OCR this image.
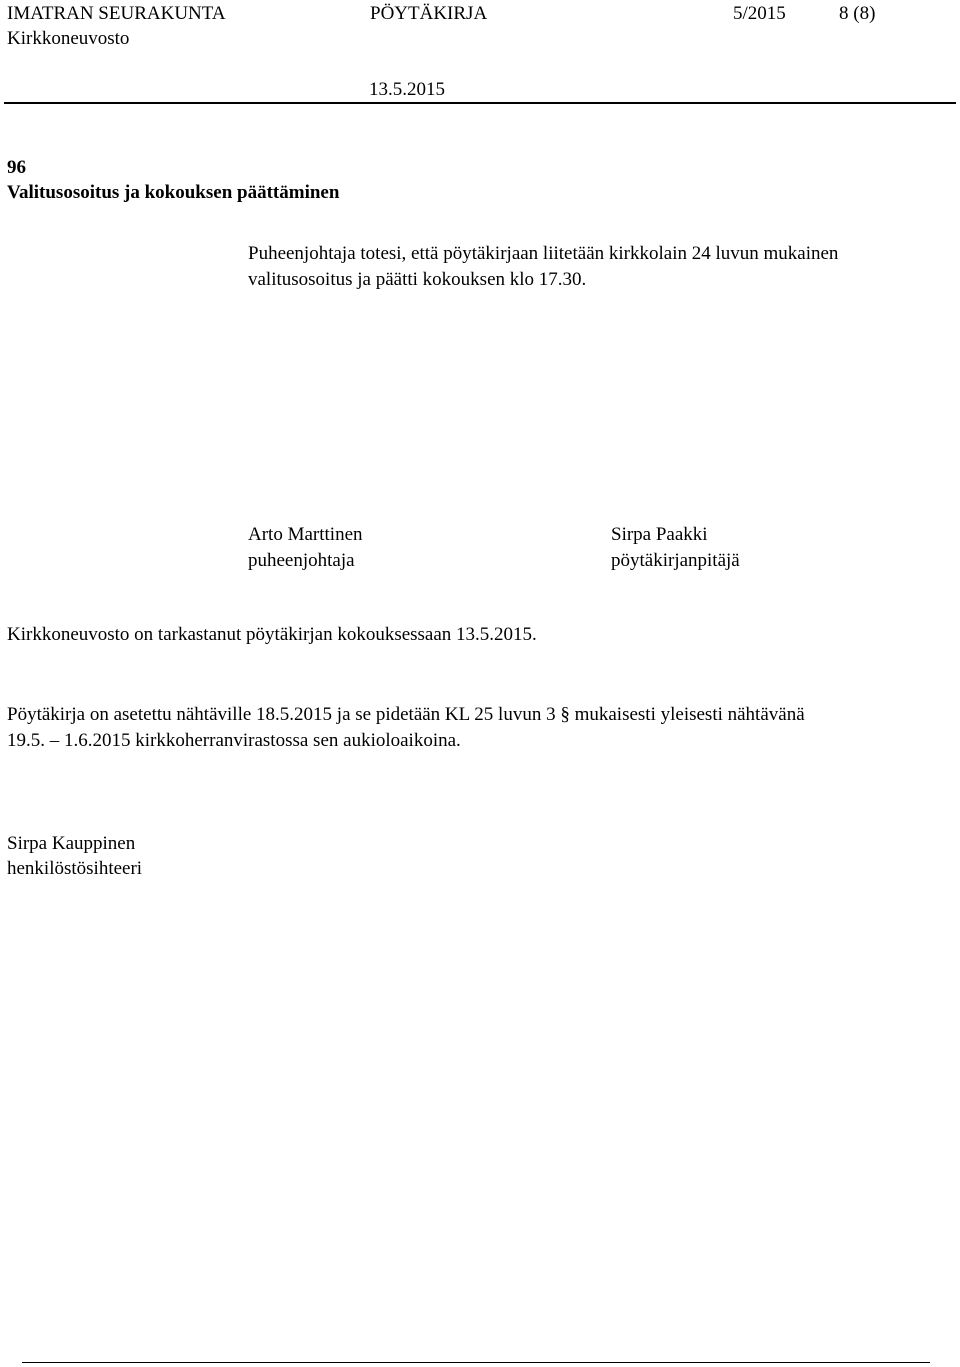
IMATRAN SEURAKUNTA	PÖYTÄKIRJA	5/2015	8 (8)
Kirkkoneuvosto
13.5.2015
96
Valitusosoitus ja kokouksen päättäminen
Puheenjohtaja totesi, että pöytäkirjaan liitetään kirkkolain 24 luvun mukainen
valitusosoitus ja päätti kokouksen klo 17.30.
Arto Marttinen
puheenjohtaja
Sirpa Paakki
pöytäkirjanpitäjä
Kirkkoneuvosto on tarkastanut pöytäkirjan kokouksessaan 13.5.2015.
Pöytäkirja on asetettu nähtäville 18.5.2015 ja se pidetään KL 25 luvun 3 § mukaisesti yleisesti nähtävänä
19.5. – 1.6.2015 kirkkoherranvirastossa sen aukioloaikoina.
Sirpa Kauppinen
henkilöstösihteeri
